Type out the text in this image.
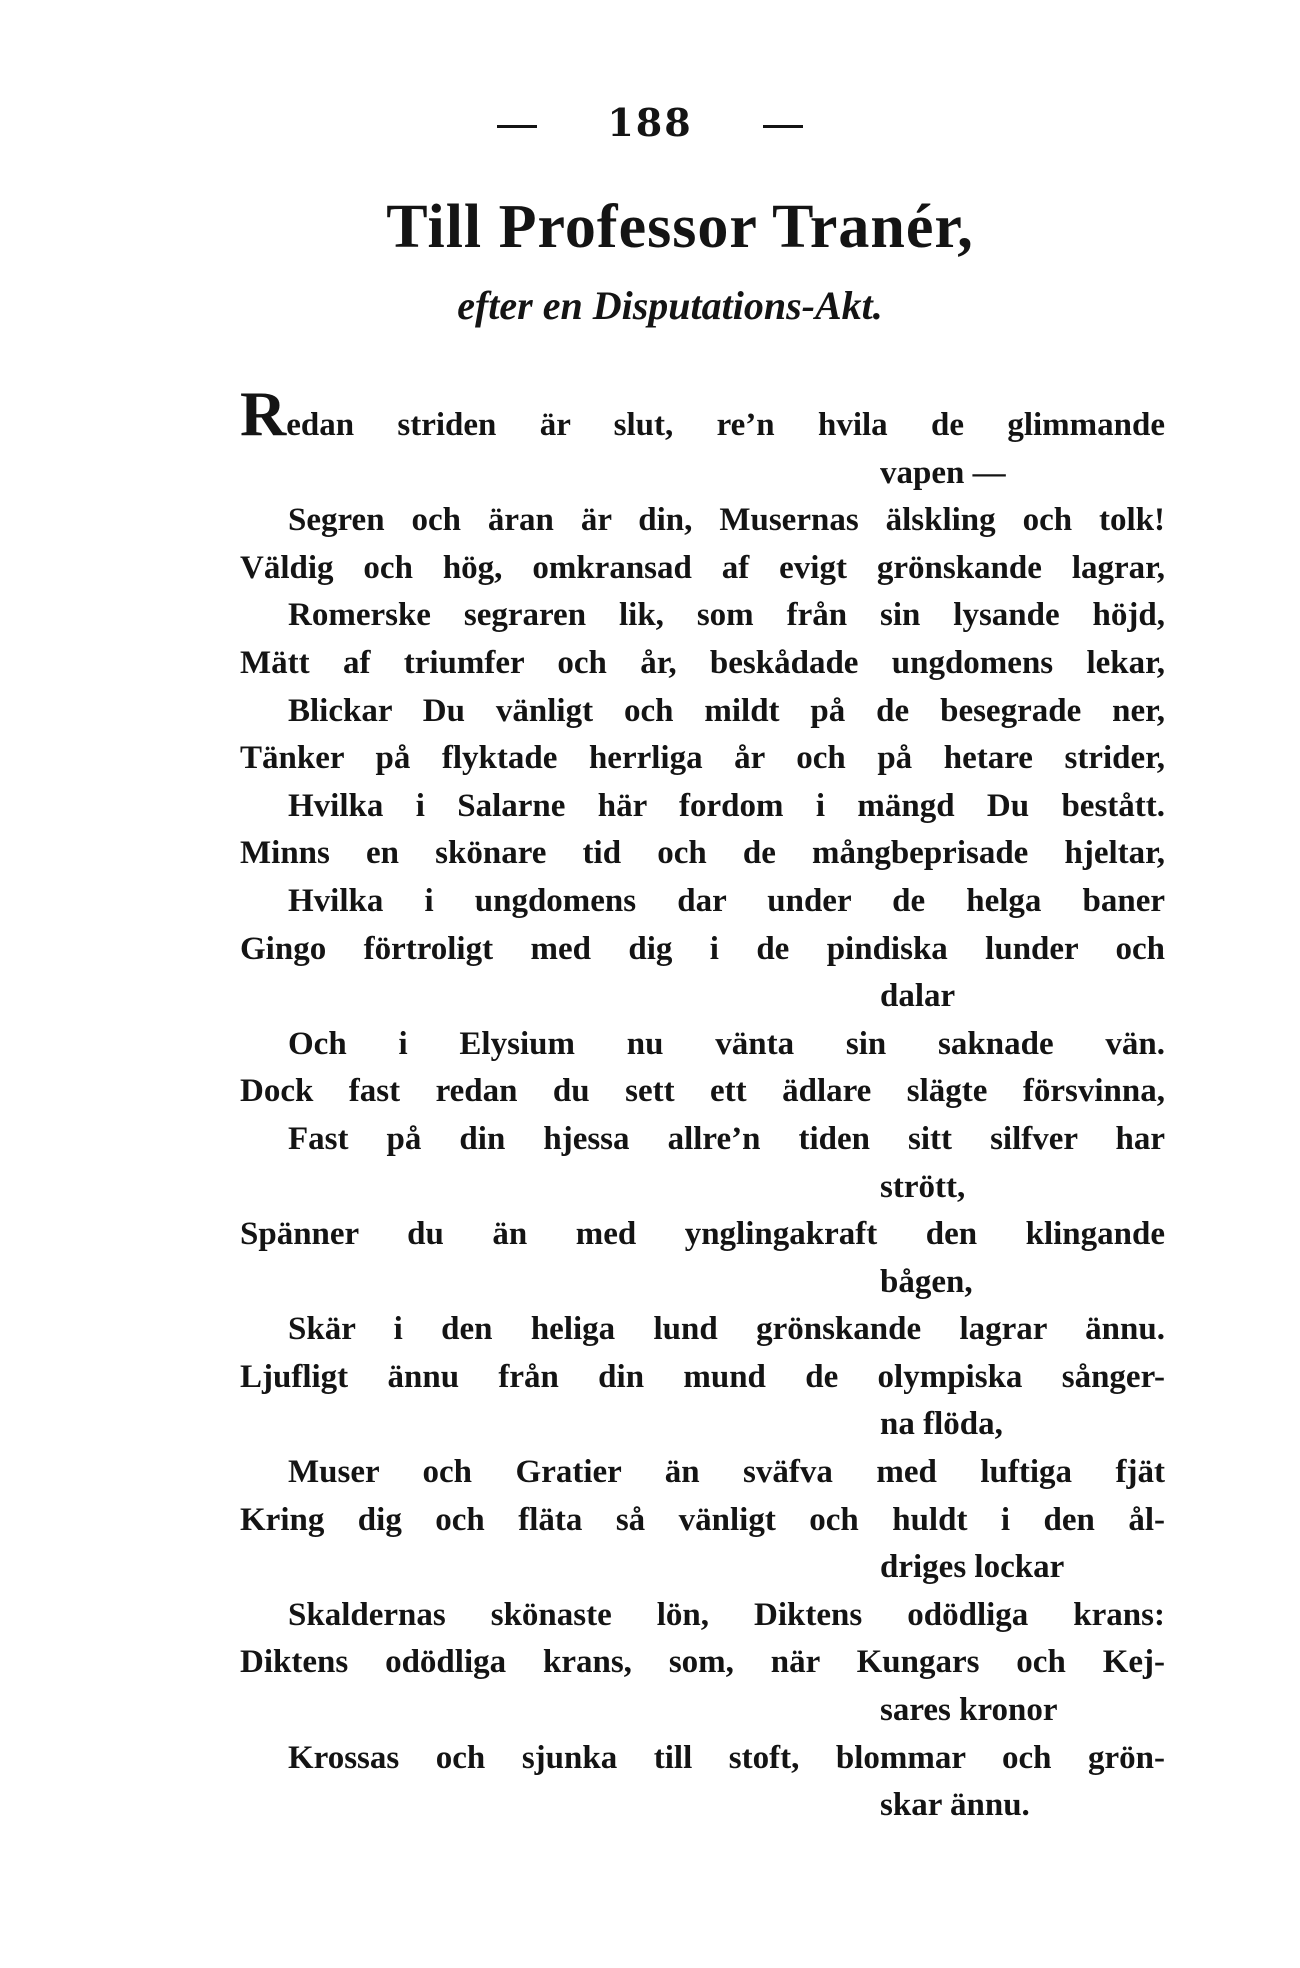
188
Till Professor Tranér,
efter en Disputations-Akt.
Redan striden är slut, re’n hvila de glimmande
vapen —
Segren och äran är din, Musernas älskling och tolk!
Väldig och hög, omkransad af evigt grönskande lagrar,
Romerske segraren lik, som från sin lysande höjd,
Mätt af triumfer och år, beskådade ungdomens lekar,
Blickar Du vänligt och mildt på de besegrade ner,
Tänker på flyktade herrliga år och på hetare strider,
Hvilka i Salarne här fordom i mängd Du bestått.
Minns en skönare tid och de mångbeprisade hjeltar,
Hvilka i ungdomens dar under de helga baner
Gingo förtroligt med dig i de pindiska lunder och
dalar
Och i Elysium nu vänta sin saknade vän.
Dock fast redan du sett ett ädlare slägte försvinna,
Fast på din hjessa allre’n tiden sitt silfver har
strött,
Spänner du än med ynglingakraft den klingande
bågen,
Skär i den heliga lund grönskande lagrar ännu.
Ljufligt ännu från din mund de olympiska sånger-
na flöda,
Muser och Gratier än sväfva med luftiga fjät
Kring dig och fläta så vänligt och huldt i den ål-
driges lockar
Skaldernas skönaste lön, Diktens odödliga krans:
Diktens odödliga krans, som, när Kungars och Kej-
sares kronor
Krossas och sjunka till stoft, blommar och grön-
skar ännu.
